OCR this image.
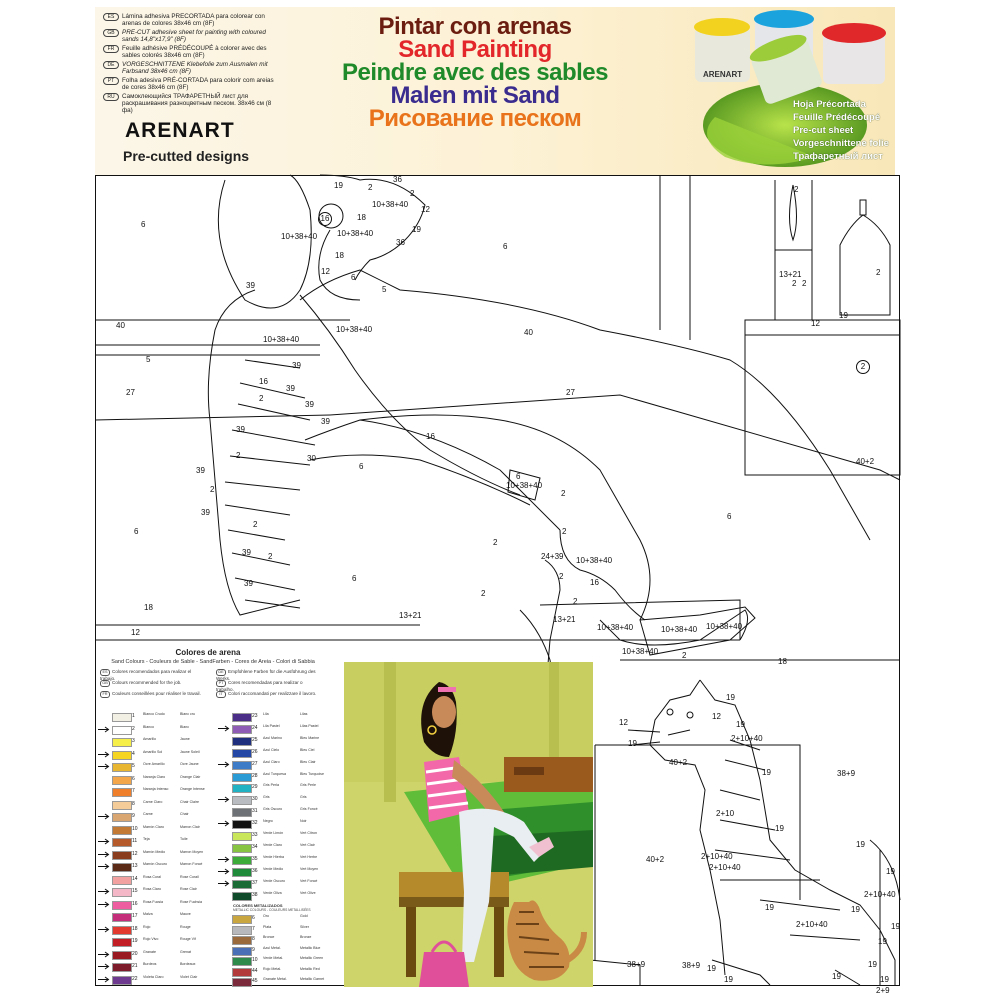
ES Lámina adhesiva PRECORTADA para colorear con arenas de colores 38x46 cm (8F)
GB PRE-CUT adhesive sheet for painting with coloured sands 14,8"x17,9" (8F)
FR Feuille adhésive PRÉDÉCOUPÉ à colorer avec des sables colorés 38x46 cm (8F)
DE VORGESCHNITTENE Klebefolie zum Ausmalen mit Farbsand 38x46 cm (8F)
PT Folha adesiva PRÉ-CORTADA para colorir com areias de cores 38x46 cm (8F)
RU Самоклеющийся ТРАФАРЕТНЫЙ лист для раскрашивания разноцветным песком. 38x46 см (8 фа)
ARENART
Pre-cutted designs
Pintar con arenas
Sand Painting
Peindre avec des sables
Malen mit Sand
Рисование песком
ARENART
Hoja Précortada
Feuille Prédécoupé
Pre-cut sheet
Vorgeschnittene folie
Трафаретный лист
6
19	2
36
2
12
16	18
10+38+40
10+38+40 10+38+40	19
36	6
18
12
6
5
39
2
13+21
2 2
2
40	10+38+40
10+38+40
40
19
12
2
5
39
16
39
27	27
2
39
39
39
16
2	30
6
40+2
39
6
10+38+40
2	2
39	6
2
2
6
2
39 2	24+39 10+38+40
2
6	16
39
2
18
2
13+21	13+21
10+38+40
10+38+40	10+38+40
12
10+38+40	2
18
19
12
12	19
19
2+10+40
40+2
19	38+9
2+10
19
40+2	2+10+40
19
2+10+40	19
2+10+40
19
2+10+40
19
19
19
38+9	38+9 19
19	19
19
19
2+9
Colores de arena
Sand Colours - Couleurs de Sable - SandFarben - Cores de Areia - Colori di Sabbia
ES Colores recomendados para realizar el trabajo.
GB Colours recommended for the job.
FR Couleurs conseillées pour réaliser le travail.
DE Empfohlene Farben für die Ausführung des Werks.
PT Cores recomendadas para realizar o trabalho.
IT Colori raccomandati per realizzare il lavoro.
1 Blanco Crudo	Blanc cru
2 Blanco	Blanc
3 Amarillo	Jaune
4 Amarillo Sol	Jaune Soleil
5 Ocre Amarillo	Ocre Jaune
6 Naranja Claro	Orange Clair
7 Naranja Intenso	Orange Intense
8 Carne Claro	Chair Claire
9 Carne	Chair
10 Marrón Claro	Marron Clair
11 Teja	Tuile
12 Marrón Medio	Marron Moyen
13 Marrón Oscuro	Marron Foncé
14 Rosa Coral	Rose Corail
15 Rosa Claro	Rose Clair
16 Rosa Fucsia	Rose Fuchsia
17 Malva	Mauve
18 Rojo	Rouge
19 Rojo Vivo	Rouge Vif
20 Granate	Grenat
21 Burdeos	Bordeaux
22 Violeta Claro	Violet Clair
23 Lila	Lilas
24 Lila Pastel	Lilas Pastel
25 Azul Marino	Bleu Marine
26 Azul Cielo	Bleu Ciel
27 Azul Claro	Bleu Clair
28 Azul Turquesa	Bleu Turquoise
29 Gris Perla	Gris Perle
30 Gris	Gris
31 Gris Oscuro	Gris Foncé
32 Negro	Noir
33 Verde Limón	Vert Citron
34 Verde Claro	Vert Clair
35 Verde Hierba	Vert Herbe
36 Verde Medio	Vert Moyen
37 Verde Oscuro	Vert Foncé
38 Verde Oliva	Vert Olive
COLORES METALIZADOS
METALLIC COLOURS - COULEURS METALLISÉES
6 Oro	Gold
7 Plata	Silver
8 Bronce	Bronze
9 Azul Metal.	Metallic Blue
10 Verde Metal.	Metallic Green
44 Rojo Metal.	Metallic Red
45 Granate Metal.	Metallic Garnet
